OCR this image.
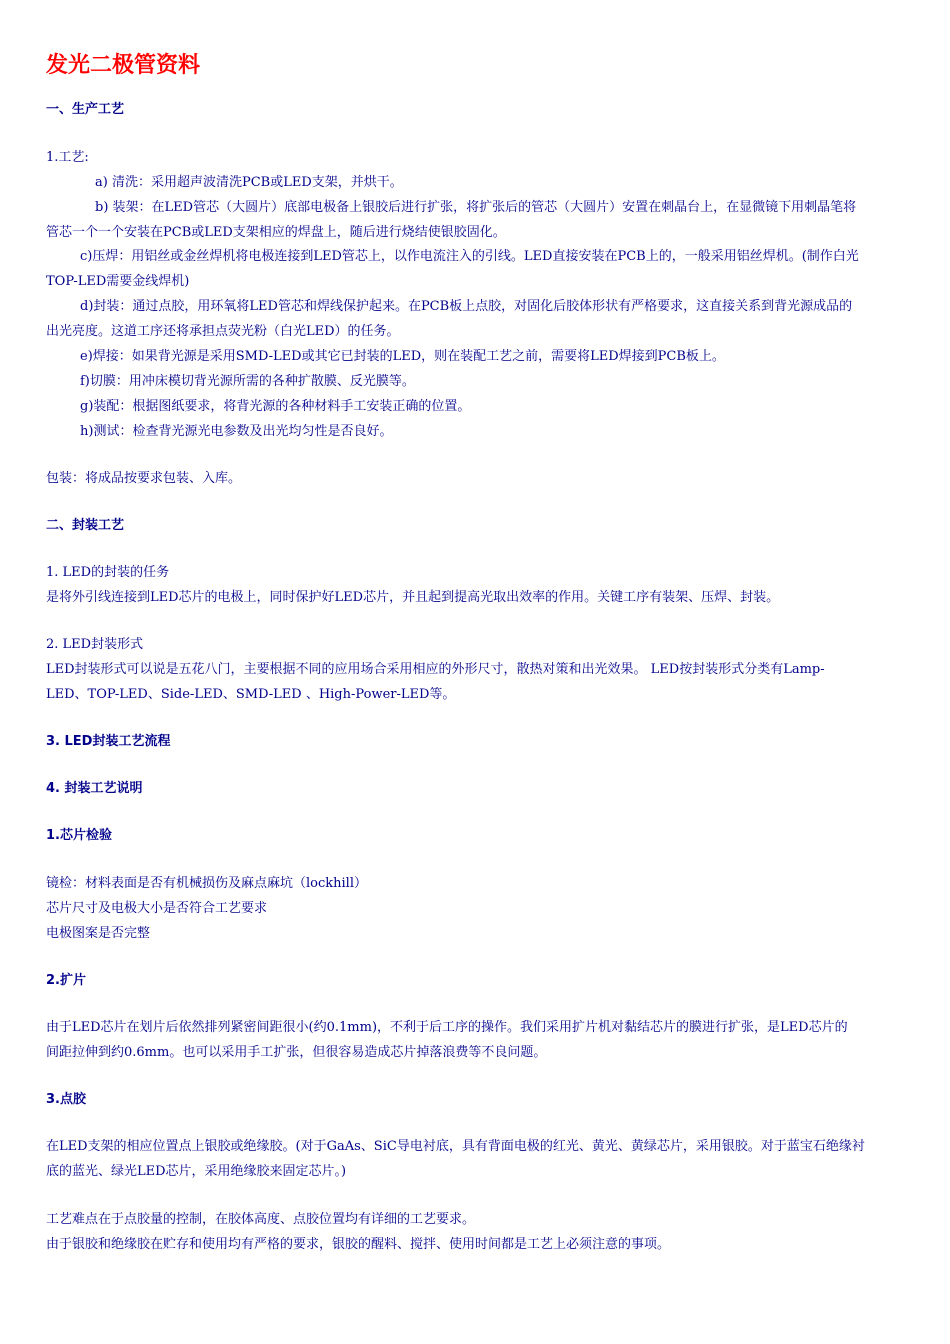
发光二极管资料
一、生产工艺
1.工艺:
a) 清洗：采用超声波清洗PCB或LED支架，并烘干。
b) 装架：在LED管芯（大圆片）底部电极备上银胶后进行扩张，将扩张后的管芯（大圆片）安置在刺晶台上，在显微镜下用刺晶笔将
管芯一个一个安装在PCB或LED支架相应的焊盘上，随后进行烧结使银胶固化。
c)压焊：用铝丝或金丝焊机将电极连接到LED管芯上，以作电流注入的引线。LED直接安装在PCB上的，一般采用铝丝焊机。(制作白光
TOP-LED需要金线焊机)
d)封装：通过点胶，用环氧将LED管芯和焊线保护起来。在PCB板上点胶，对固化后胶体形状有严格要求，这直接关系到背光源成品的
出光亮度。这道工序还将承担点荧光粉（白光LED）的任务。
e)焊接：如果背光源是采用SMD-LED或其它已封装的LED，则在装配工艺之前，需要将LED焊接到PCB板上。
f)切膜：用冲床模切背光源所需的各种扩散膜、反光膜等。
g)装配：根据图纸要求，将背光源的各种材料手工安装正确的位置。
h)测试：检查背光源光电参数及出光均匀性是否良好。
包装：将成品按要求包装、入库。
二、封装工艺
1. LED的封装的任务
是将外引线连接到LED芯片的电极上，同时保护好LED芯片，并且起到提高光取出效率的作用。关键工序有装架、压焊、封装。
2. LED封装形式
LED封装形式可以说是五花八门，主要根据不同的应用场合采用相应的外形尺寸，散热对策和出光效果。 LED按封装形式分类有Lamp-
LED、TOP-LED、Side-LED、SMD-LED 、High-Power-LED等。
3. LED封装工艺流程
4. 封装工艺说明
1.芯片检验
镜检：材料表面是否有机械损伤及麻点麻坑（lockhill）
芯片尺寸及电极大小是否符合工艺要求
电极图案是否完整
2.扩片
由于LED芯片在划片后依然排列紧密间距很小(约0.1mm)，不利于后工序的操作。我们采用扩片机对黏结芯片的膜进行扩张，是LED芯片的
间距拉伸到约0.6mm。也可以采用手工扩张，但很容易造成芯片掉落浪费等不良问题。
3.点胶
在LED支架的相应位置点上银胶或绝缘胶。(对于GaAs、SiC导电衬底，具有背面电极的红光、黄光、黄绿芯片，采用银胶。对于蓝宝石绝缘衬
底的蓝光、绿光LED芯片，采用绝缘胶来固定芯片。)
工艺难点在于点胶量的控制，在胶体高度、点胶位置均有详细的工艺要求。
由于银胶和绝缘胶在贮存和使用均有严格的要求，银胶的醒料、搅拌、使用时间都是工艺上必须注意的事项。
